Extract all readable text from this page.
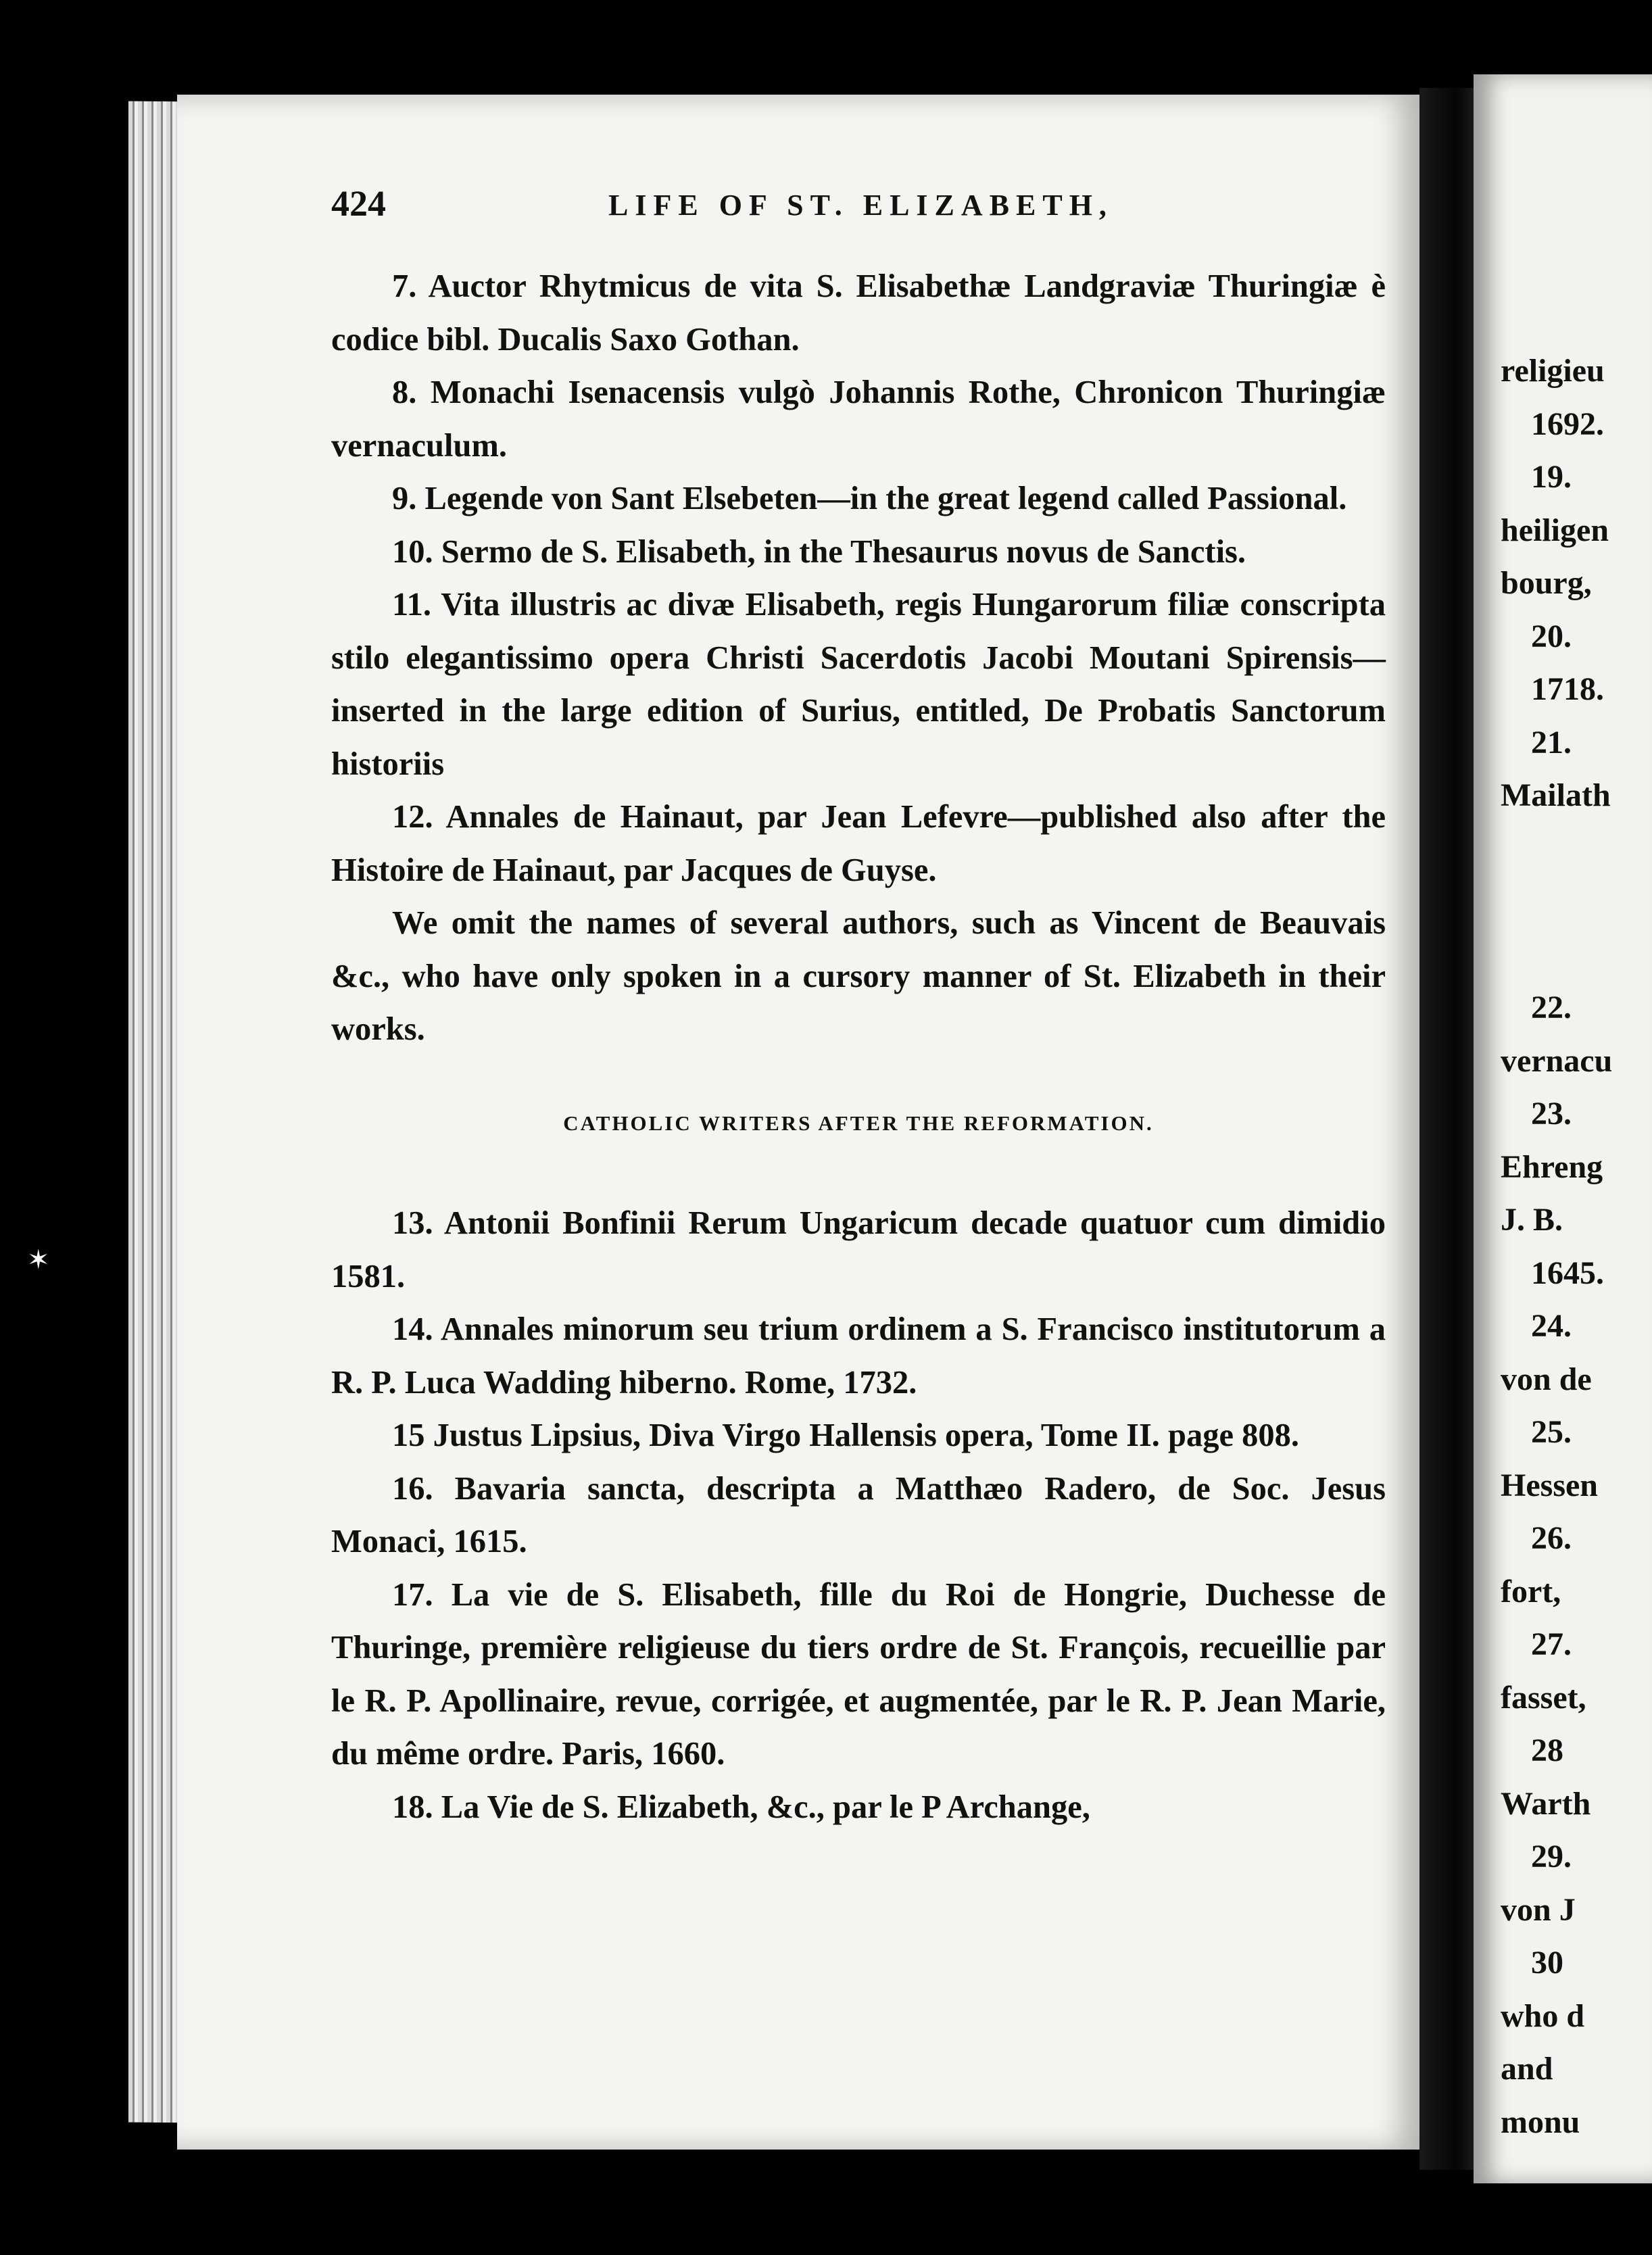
424	LIFE OF ST. ELIZABETH,

7. Auctor Rhytmicus de vita S. Elisabethæ Landgraviæ Thuringiæ è codice bibl. Ducalis Saxo Gothan.

8. Monachi Isenacensis vulgò Johannis Rothe, Chronicon Thuringiæ vernaculum.

9. Legende von Sant Elsebeten—in the great legend called Passional.

10. Sermo de S. Elisabeth, in the Thesaurus novus de Sanctis.

11. Vita illustris ac divæ Elisabeth, regis Hungarorum filiæ conscripta stilo elegantissimo opera Christi Sacerdotis Jacobi Moutani Spirensis—inserted in the large edition of Surius, entitled, De Probatis Sanctorum historiis

12. Annales de Hainaut, par Jean Lefevre—published also after the Histoire de Hainaut, par Jacques de Guyse.

We omit the names of several authors, such as Vincent de Beauvais &c., who have only spoken in a cursory manner of St. Elizabeth in their works.

CATHOLIC WRITERS AFTER THE REFORMATION.

13. Antonii Bonfinii Rerum Ungaricum decade quatuor cum dimidio 1581.

14. Annales minorum seu trium ordinem a S. Francisco institutorum a R. P. Luca Wadding hiberno. Rome, 1732.

15 Justus Lipsius, Diva Virgo Hallensis opera, Tome II. page 808.

16. Bavaria sancta, descripta a Matthæo Radero, de Soc. Jesus Monaci, 1615.

17. La vie de S. Elisabeth, fille du Roi de Hongrie, Duchesse de Thuringe, première religieuse du tiers ordre de St. François, recueillie par le R. P. Apollinaire, revue, corrigée, et augmentée, par le R. P. Jean Marie, du même ordre. Paris, 1660.

18. La Vie de S. Elizabeth, &c., par le P Archange,

✶
religieu
1692.
19.
heiligen
bourg,
20.
1718.
21.
Mailath
22.
vernacu
23.
Ehreng
J. B.
1645.
24.
von de
25.
Hessen
26.
fort,
27.
fasset,
28
Warth
29.
von J
30
who d
and
monu
